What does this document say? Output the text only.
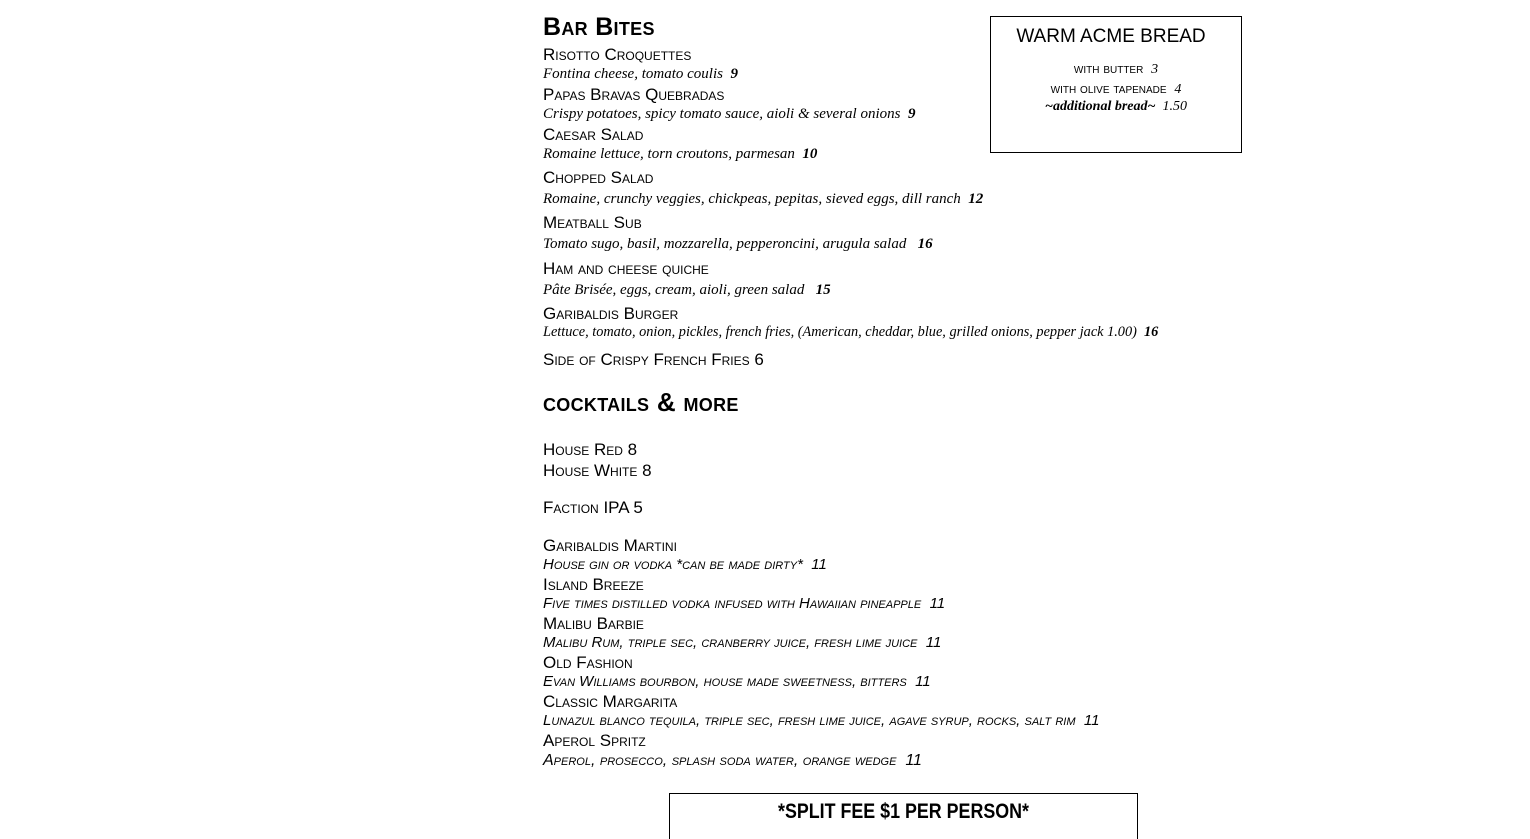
Bar Bites
Risotto Croquettes
Fontina cheese, tomato coulis 9
Papas Bravas Quebradas
Crispy potatoes, spicy tomato sauce, aioli & several onions 9
Caesar Salad
Romaine lettuce, torn croutons, parmesan 10
Chopped Salad
Romaine, crunchy veggies, chickpeas, pepitas, sieved eggs, dill ranch 12
Meatball Sub
Tomato sugo, basil, mozzarella, pepperoncini, arugula salad 16
Ham and cheese quiche
Pâte Brisée, eggs, cream, aioli, green salad 15
Garibaldis Burger
Lettuce, tomato, onion, pickles, french fries, (American, cheddar, blue, grilled onions, pepper jack 1.00) 16
Side of Crispy French Fries 6
WARM ACME BREAD
with butter 3
with olive tapenade 4
~additional bread~ 1.50
cocktails & more
House Red 8
House White 8
Faction IPA 5
Garibaldis Martini
House gin or vodka *can be made dirty* 11
Island Breeze
Five times distilled vodka infused with Hawaiian pineapple 11
Malibu Barbie
Malibu Rum, triple sec, cranberry juice, fresh lime juice 11
Old Fashion
Evan Williams bourbon, house made sweetness, bitters 11
Classic Margarita
Lunazul blanco tequila, triple sec, fresh lime juice, agave syrup, rocks, salt rim 11
Aperol Spritz
Aperol, prosecco, splash soda water, orange wedge 11
*SPLIT FEE $1 PER PERSON*
